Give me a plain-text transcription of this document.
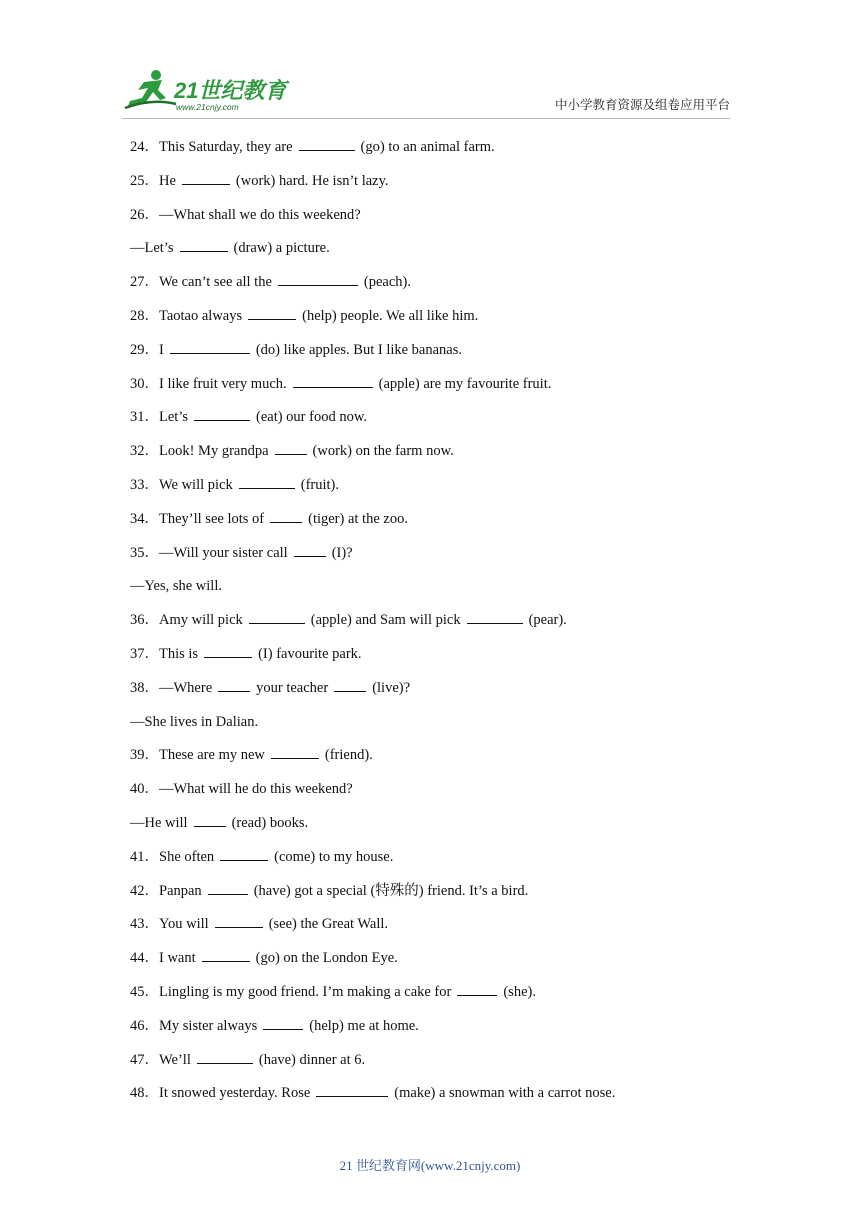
21世纪教育
www.21cnjy.com	中小学教育资源及组卷应用平台
24．This Saturday, they are	(go) to an animal farm.
25．He	(work) hard. He isn’t lazy.
26．—What shall we do this weekend?
—Let’s	(draw) a picture.
27．We can’t see all the	(peach).
28．Taotao always	(help) people. We all like him.
29．I	(do) like apples. But I like bananas.
30．I like fruit very much.	(apple) are my favourite fruit.
31．Let’s	(eat) our food now.
32．Look! My grandpa	(work) on the farm now.
33．We will pick	(fruit).
34．They’ll see lots of	(tiger) at the zoo.
35．—Will your sister call	(I)?
—Yes, she will.
36．Amy will pick	(apple) and Sam will pick	(pear).
37．This is	(I) favourite park.
38．—Where	your teacher	(live)?
—She lives in Dalian.
39．These are my new	(friend).
40．—What will he do this weekend?
—He will	(read) books.
41．She often	(come) to my house.
42．Panpan	(have) got a special (特殊的) friend. It’s a bird.
43．You will	(see) the Great Wall.
44．I want	(go) on the London Eye.
45．Lingling is my good friend. I’m making a cake for	(she).
46．My sister always	(help) me at home.
47．We’ll	(have) dinner at 6.
48．It snowed yesterday. Rose	(make) a snowman with a carrot nose.
21 世纪教育网(www.21cnjy.com)
